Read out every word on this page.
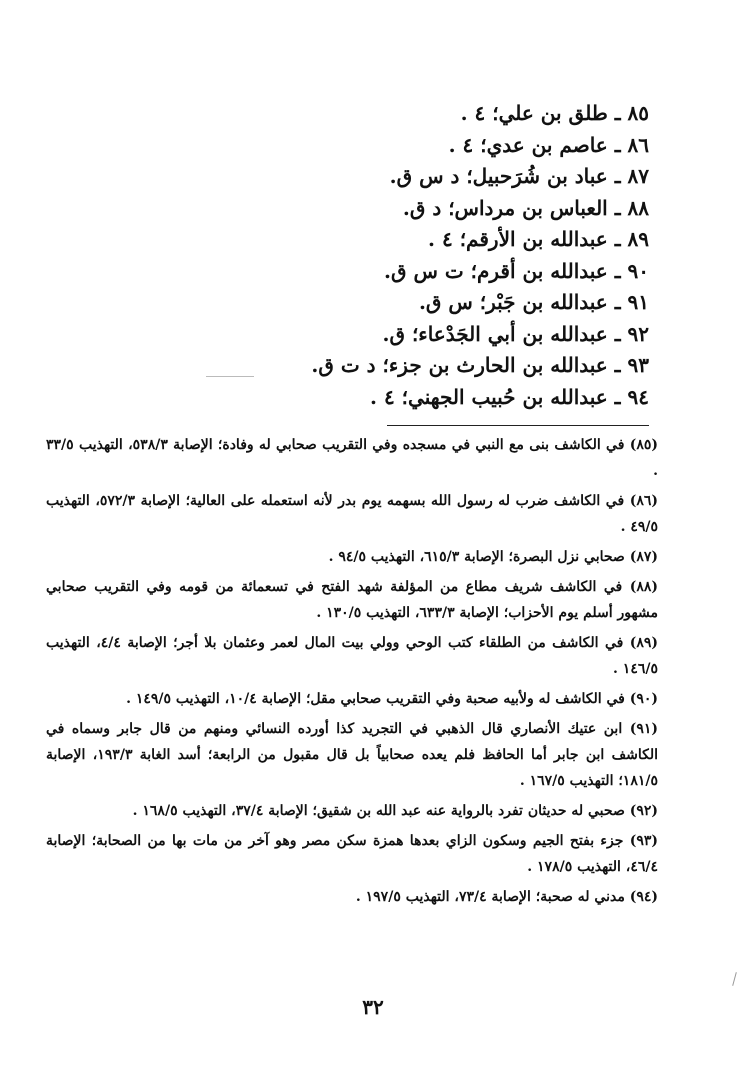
٨٥ ـ طلق بن علي؛ ٤ .
٨٦ ـ عاصم بن عدي؛ ٤ .
٨٧ ـ عباد بن شُرَحبيل؛ د س ق.
٨٨ ـ العباس بن مرداس؛ د ق.
٨٩ ـ عبدالله بن الأرقم؛ ٤ .
٩٠ ـ عبدالله بن أقرم؛ ت س ق.
٩١ ـ عبدالله بن جَبْر؛ س ق.
٩٢ ـ عبدالله بن أبي الجَدْعاء؛ ق.
٩٣ ـ عبدالله بن الحارث بن جزء؛ د ت ق.
٩٤ ـ عبدالله بن حُبيب الجهني؛ ٤ .
(٨٥) في الكاشف بنى مع النبي في مسجده وفي التقريب صحابي له وفادة؛ الإصابة ٥٣٨/٣، التهذيب ٣٣/٥ .
(٨٦) في الكاشف ضرب له رسول الله بسهمه يوم بدر لأنه استعمله على العالية؛ الإصابة ٥٧٢/٣، التهذيب ٤٩/٥ .
(٨٧) صحابي نزل البصرة؛ الإصابة ٦١٥/٣، التهذيب ٩٤/٥ .
(٨٨) في الكاشف شريف مطاع من المؤلفة شهد الفتح في تسعمائة من قومه وفي التقريب صحابي مشهور أسلم يوم الأحزاب؛ الإصابة ٦٣٣/٣، التهذيب ١٣٠/٥ .
(٨٩) في الكاشف من الطلقاء كتب الوحي وولي بيت المال لعمر وعثمان بلا أجر؛ الإصابة ٤/٤، التهذيب ١٤٦/٥ .
(٩٠) في الكاشف له ولأبيه صحبة وفي التقريب صحابي مقل؛ الإصابة ١٠/٤، التهذيب ١٤٩/٥ .
(٩١) ابن عتيك الأنصاري قال الذهبي في التجريد كذا أورده النسائي ومنهم من قال جابر وسماه في الكاشف ابن جابر أما الحافظ فلم يعده صحابياً بل قال مقبول من الرابعة؛ أسد الغابة ١٩٣/٣، الإصابة ١٨١/٥؛ التهذيب ١٦٧/٥ .
(٩٢) صحبي له حديثان تفرد بالرواية عنه عبد الله بن شقيق؛ الإصابة ٣٧/٤، التهذيب ١٦٨/٥ .
(٩٣) جزء بفتح الجيم وسكون الزاي بعدها همزة سكن مصر وهو آخر من مات بها من الصحابة؛ الإصابة ٤٦/٤، التهذيب ١٧٨/٥ .
(٩٤) مدني له صحبة؛ الإصابة ٧٣/٤، التهذيب ١٩٧/٥ .
٣٢
